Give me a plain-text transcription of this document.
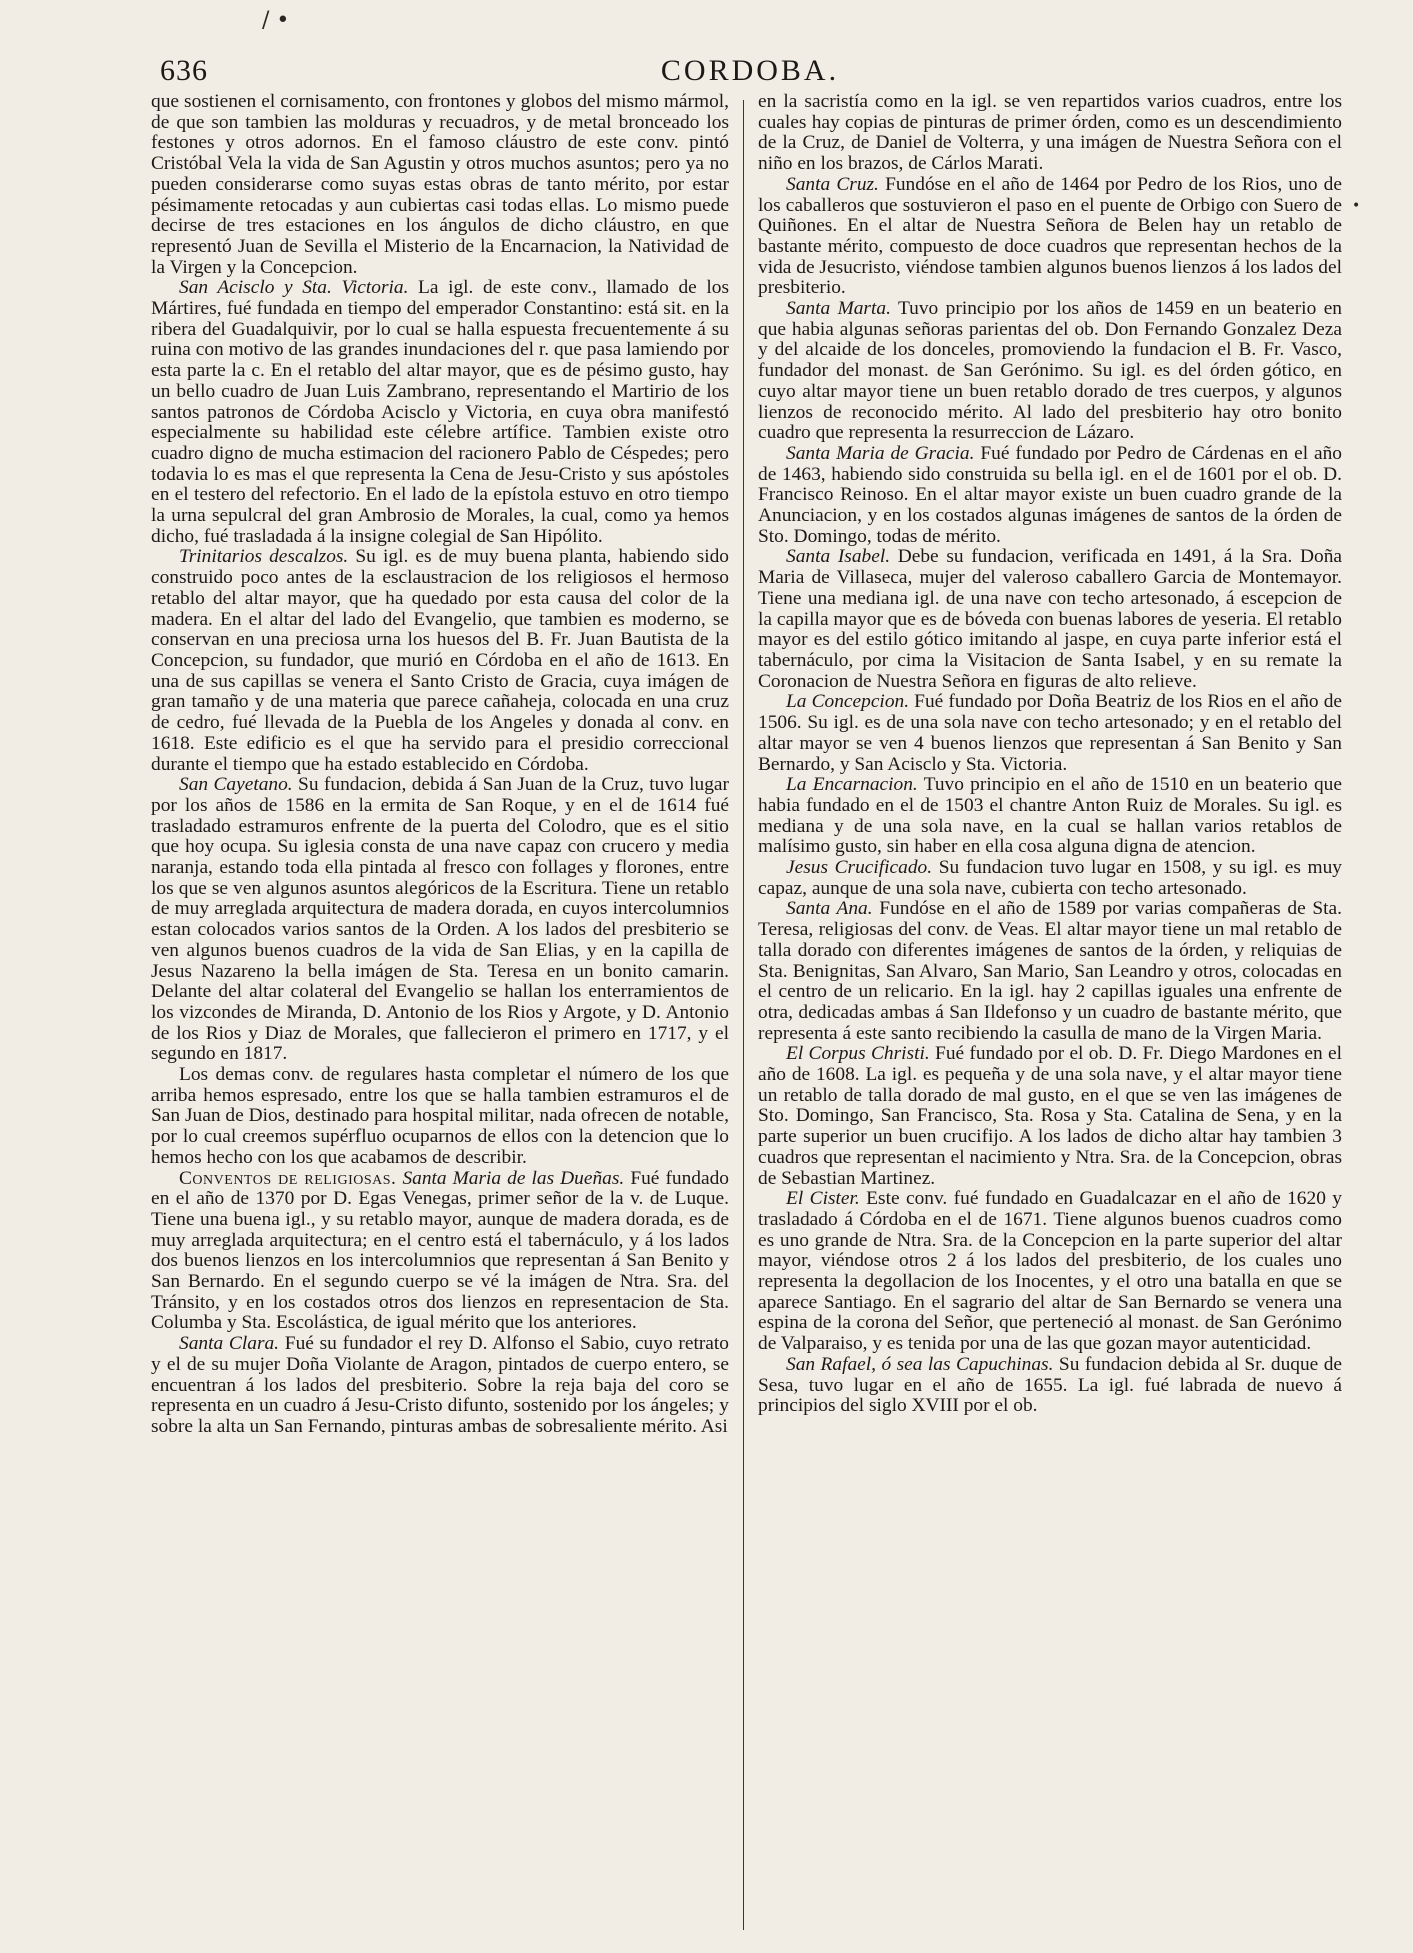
636	CORDOBA.
/ •
•

que sostienen el cornisamento, con frontones y globos del mismo mármol, de que son tambien las molduras y recuadros, y de metal bronceado los festones y otros adornos. En el famoso cláustro de este conv. pintó Cristóbal Vela la vida de San Agustin y otros muchos asuntos; pero ya no pueden considerarse como suyas estas obras de tanto mérito, por estar pésimamente retocadas y aun cubiertas casi todas ellas. Lo mismo puede decirse de tres estaciones en los ángulos de dicho cláustro, en que representó Juan de Sevilla el Misterio de la Encarnacion, la Natividad de la Virgen y la Concepcion.

San Acisclo y Sta. Victoria. La igl. de este conv., llamado de los Mártires, fué fundada en tiempo del emperador Constantino: está sit. en la ribera del Guadalquivir, por lo cual se halla espuesta frecuentemente á su ruina con motivo de las grandes inundaciones del r. que pasa lamiendo por esta parte la c. En el retablo del altar mayor, que es de pésimo gusto, hay un bello cuadro de Juan Luis Zambrano, representando el Martirio de los santos patronos de Córdoba Acisclo y Victoria, en cuya obra manifestó especialmente su habilidad este célebre artífice. Tambien existe otro cuadro digno de mucha estimacion del racionero Pablo de Céspedes; pero todavia lo es mas el que representa la Cena de Jesu-Cristo y sus apóstoles en el testero del refectorio. En el lado de la epístola estuvo en otro tiempo la urna sepulcral del gran Ambrosio de Morales, la cual, como ya hemos dicho, fué trasladada á la insigne colegial de San Hipólito.

Trinitarios descalzos. Su igl. es de muy buena planta, habiendo sido construido poco antes de la esclaustracion de los religiosos el hermoso retablo del altar mayor, que ha quedado por esta causa del color de la madera. En el altar del lado del Evangelio, que tambien es moderno, se conservan en una preciosa urna los huesos del B. Fr. Juan Bautista de la Concepcion, su fundador, que murió en Córdoba en el año de 1613. En una de sus capillas se venera el Santo Cristo de Gracia, cuya imágen de gran tamaño y de una materia que parece cañaheja, colocada en una cruz de cedro, fué llevada de la Puebla de los Angeles y donada al conv. en 1618. Este edificio es el que ha servido para el presidio correccional durante el tiempo que ha estado establecido en Córdoba.

San Cayetano. Su fundacion, debida á San Juan de la Cruz, tuvo lugar por los años de 1586 en la ermita de San Roque, y en el de 1614 fué trasladado estramuros enfrente de la puerta del Colodro, que es el sitio que hoy ocupa. Su iglesia consta de una nave capaz con crucero y media naranja, estando toda ella pintada al fresco con follages y florones, entre los que se ven algunos asuntos alegóricos de la Escritura. Tiene un retablo de muy arreglada arquitectura de madera dorada, en cuyos intercolumnios estan colocados varios santos de la Orden. A los lados del presbiterio se ven algunos buenos cuadros de la vida de San Elias, y en la capilla de Jesus Nazareno la bella imágen de Sta. Teresa en un bonito camarin. Delante del altar colateral del Evangelio se hallan los enterramientos de los vizcondes de Miranda, D. Antonio de los Rios y Argote, y D. Antonio de los Rios y Diaz de Morales, que fallecieron el primero en 1717, y el segundo en 1817.

Los demas conv. de regulares hasta completar el número de los que arriba hemos espresado, entre los que se halla tambien estramuros el de San Juan de Dios, destinado para hospital militar, nada ofrecen de notable, por lo cual creemos supérfluo ocuparnos de ellos con la detencion que lo hemos hecho con los que acabamos de describir.

Conventos de religiosas. Santa Maria de las Dueñas. Fué fundado en el año de 1370 por D. Egas Venegas, primer señor de la v. de Luque. Tiene una buena igl., y su retablo mayor, aunque de madera dorada, es de muy arreglada arquitectura; en el centro está el tabernáculo, y á los lados dos buenos lienzos en los intercolumnios que representan á San Benito y San Bernardo. En el segundo cuerpo se vé la imágen de Ntra. Sra. del Tránsito, y en los costados otros dos lienzos en representacion de Sta. Columba y Sta. Escolástica, de igual mérito que los anteriores.

Santa Clara. Fué su fundador el rey D. Alfonso el Sabio, cuyo retrato y el de su mujer Doña Violante de Aragon, pintados de cuerpo entero, se encuentran á los lados del presbiterio. Sobre la reja baja del coro se representa en un cuadro á Jesu-Cristo difunto, sostenido por los ángeles; y sobre la alta un San Fernando, pinturas ambas de sobresaliente mérito. Asi

en la sacristía como en la igl. se ven repartidos varios cuadros, entre los cuales hay copias de pinturas de primer órden, como es un descendimiento de la Cruz, de Daniel de Volterra, y una imágen de Nuestra Señora con el niño en los brazos, de Cárlos Marati.

Santa Cruz. Fundóse en el año de 1464 por Pedro de los Rios, uno de los caballeros que sostuvieron el paso en el puente de Orbigo con Suero de Quiñones. En el altar de Nuestra Señora de Belen hay un retablo de bastante mérito, compuesto de doce cuadros que representan hechos de la vida de Jesucristo, viéndose tambien algunos buenos lienzos á los lados del presbiterio.

Santa Marta. Tuvo principio por los años de 1459 en un beaterio en que habia algunas señoras parientas del ob. Don Fernando Gonzalez Deza y del alcaide de los donceles, promoviendo la fundacion el B. Fr. Vasco, fundador del monast. de San Gerónimo. Su igl. es del órden gótico, en cuyo altar mayor tiene un buen retablo dorado de tres cuerpos, y algunos lienzos de reconocido mérito. Al lado del presbiterio hay otro bonito cuadro que representa la resurreccion de Lázaro.

Santa Maria de Gracia. Fué fundado por Pedro de Cárdenas en el año de 1463, habiendo sido construida su bella igl. en el de 1601 por el ob. D. Francisco Reinoso. En el altar mayor existe un buen cuadro grande de la Anunciacion, y en los costados algunas imágenes de santos de la órden de Sto. Domingo, todas de mérito.

Santa Isabel. Debe su fundacion, verificada en 1491, á la Sra. Doña Maria de Villaseca, mujer del valeroso caballero Garcia de Montemayor. Tiene una mediana igl. de una nave con techo artesonado, á escepcion de la capilla mayor que es de bóveda con buenas labores de yeseria. El retablo mayor es del estilo gótico imitando al jaspe, en cuya parte inferior está el tabernáculo, por cima la Visitacion de Santa Isabel, y en su remate la Coronacion de Nuestra Señora en figuras de alto relieve.

La Concepcion. Fué fundado por Doña Beatriz de los Rios en el año de 1506. Su igl. es de una sola nave con techo artesonado; y en el retablo del altar mayor se ven 4 buenos lienzos que representan á San Benito y San Bernardo, y San Acisclo y Sta. Victoria.

La Encarnacion. Tuvo principio en el año de 1510 en un beaterio que habia fundado en el de 1503 el chantre Anton Ruiz de Morales. Su igl. es mediana y de una sola nave, en la cual se hallan varios retablos de malísimo gusto, sin haber en ella cosa alguna digna de atencion.

Jesus Crucificado. Su fundacion tuvo lugar en 1508, y su igl. es muy capaz, aunque de una sola nave, cubierta con techo artesonado.

Santa Ana. Fundóse en el año de 1589 por varias compañeras de Sta. Teresa, religiosas del conv. de Veas. El altar mayor tiene un mal retablo de talla dorado con diferentes imágenes de santos de la órden, y reliquias de Sta. Benignitas, San Alvaro, San Mario, San Leandro y otros, colocadas en el centro de un relicario. En la igl. hay 2 capillas iguales una enfrente de otra, dedicadas ambas á San Ildefonso y un cuadro de bastante mérito, que representa á este santo recibiendo la casulla de mano de la Virgen Maria.

El Corpus Christi. Fué fundado por el ob. D. Fr. Diego Mardones en el año de 1608. La igl. es pequeña y de una sola nave, y el altar mayor tiene un retablo de talla dorado de mal gusto, en el que se ven las imágenes de Sto. Domingo, San Francisco, Sta. Rosa y Sta. Catalina de Sena, y en la parte superior un buen crucifijo. A los lados de dicho altar hay tambien 3 cuadros que representan el nacimiento y Ntra. Sra. de la Concepcion, obras de Sebastian Martinez.

El Cister. Este conv. fué fundado en Guadalcazar en el año de 1620 y trasladado á Córdoba en el de 1671. Tiene algunos buenos cuadros como es uno grande de Ntra. Sra. de la Concepcion en la parte superior del altar mayor, viéndose otros 2 á los lados del presbiterio, de los cuales uno representa la degollacion de los Inocentes, y el otro una batalla en que se aparece Santiago. En el sagrario del altar de San Bernardo se venera una espina de la corona del Señor, que perteneció al monast. de San Gerónimo de Valparaiso, y es tenida por una de las que gozan mayor autenticidad.

San Rafael, ó sea las Capuchinas. Su fundacion debida al Sr. duque de Sesa, tuvo lugar en el año de 1655. La igl. fué labrada de nuevo á principios del siglo XVIII por el ob.
